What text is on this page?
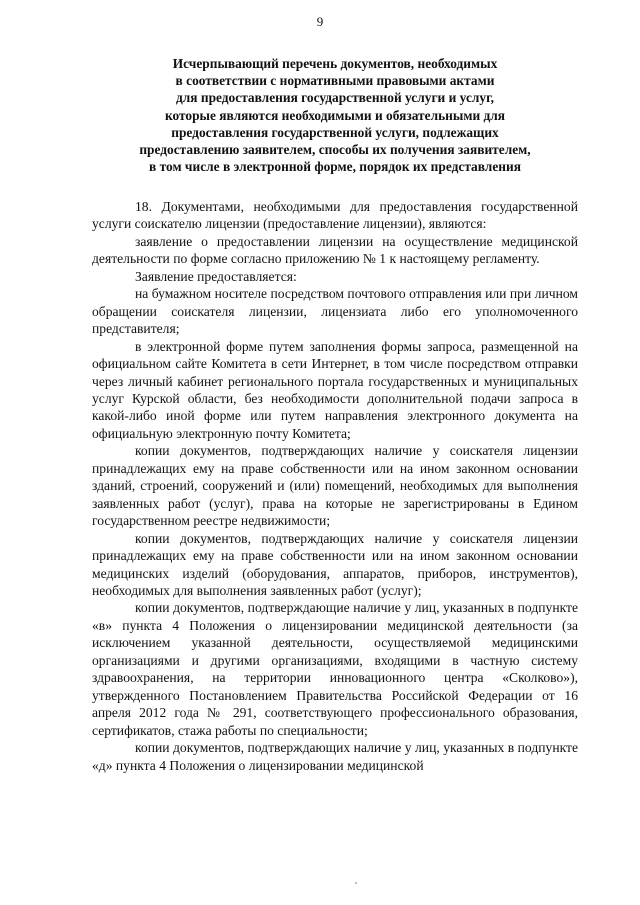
9
Исчерпывающий перечень документов, необходимых
в соответствии с нормативными правовыми актами
для предоставления государственной услуги и услуг,
которые являются необходимыми и обязательными для
предоставления государственной услуги, подлежащих
предоставлению заявителем, способы их получения заявителем,
в том числе в электронной форме, порядок их представления

18. Документами, необходимыми для предоставления государственной услуги соискателю лицензии (предоставление лицензии), являются:

заявление о предоставлении лицензии на осуществление медицинской деятельности по форме согласно приложению № 1 к настоящему регламенту.

Заявление предоставляется:

на бумажном носителе посредством почтового отправления или при личном обращении соискателя лицензии, лицензиата либо его уполномоченного представителя;

в электронной форме путем заполнения формы запроса, размещенной на официальном сайте Комитета в сети Интернет, в том числе посредством отправки через личный кабинет регионального портала государственных и муниципальных услуг Курской области, без необходимости дополнительной подачи запроса в какой-либо иной форме или путем направления электронного документа на официальную электронную почту Комитета;

копии документов, подтверждающих наличие у соискателя лицензии принадлежащих ему на праве собственности или на ином законном основании зданий, строений, сооружений и (или) помещений, необходимых для выполнения заявленных работ (услуг), права на которые не зарегистрированы в Едином государственном реестре недвижимости;

копии документов, подтверждающих наличие у соискателя лицензии принадлежащих ему на праве собственности или на ином законном основании медицинских изделий (оборудования, аппаратов, приборов, инструментов), необходимых для выполнения заявленных работ (услуг);

копии документов, подтверждающие наличие у лиц, указанных в подпункте «в» пункта 4 Положения о лицензировании медицинской деятельности (за исключением указанной деятельности, осуществляемой медицинскими организациями и другими организациями, входящими в частную систему здравоохранения, на территории инновационного центра «Сколково»), утвержденного Постановлением Правительства Российской Федерации от 16 апреля 2012 года № 291, соответствующего профессионального образования, сертификатов, стажа работы по специальности;

копии документов, подтверждающих наличие у лиц, указанных в подпункте «д» пункта 4 Положения о лицензировании медицинской
